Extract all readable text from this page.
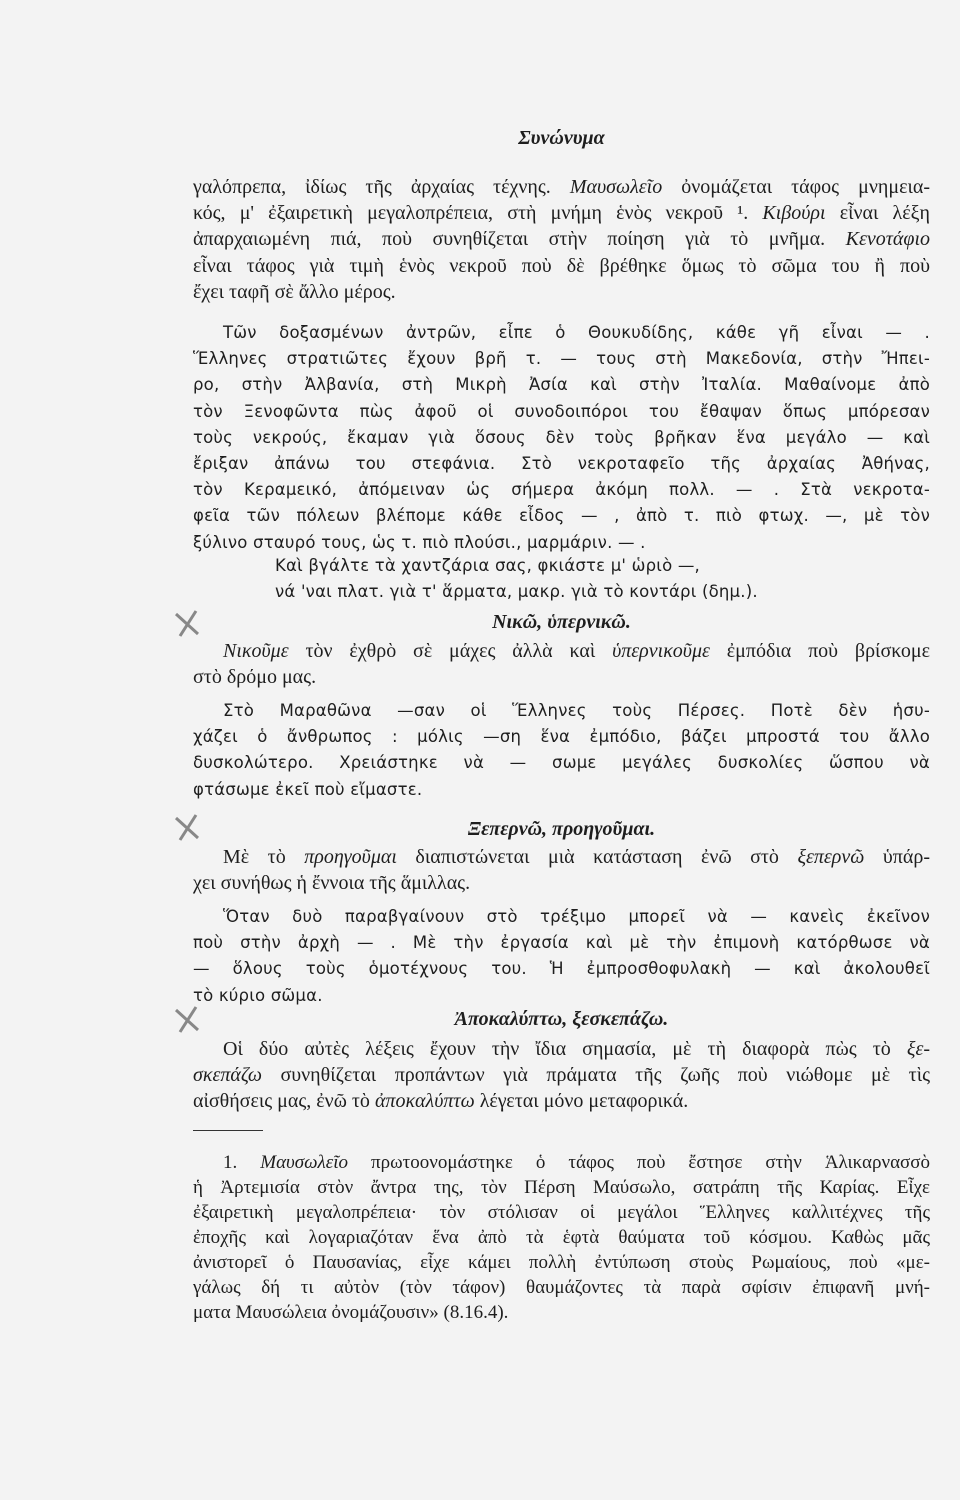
Συνώνυμα
γαλόπρεπα, ἰδίως τῆς ἀρχαίας τέχνης. Μαυσωλεῖο ὀνομάζεται τάφος μνημεια-
κός, μ' ἐξαιρετικὴ μεγαλοπρέπεια, στὴ μνήμη ἑνὸς νεκροῦ ¹. Κιβούρι εἶναι λέξη
ἀπαρχαιωμένη πιά, ποὺ συνηθίζεται στὴν ποίηση γιὰ τὸ μνῆμα. Κενοτάφιο
εἶναι τάφος γιὰ τιμὴ ἑνὸς νεκροῦ ποὺ δὲ βρέθηκε ὅμως τὸ σῶμα του ἢ ποὺ
ἔχει ταφῆ σὲ ἄλλο μέρος.
Τῶν δοξασμένων ἀντρῶν, εἶπε ὁ Θουκυδίδης, κάθε γῆ εἶναι — .
Ἕλληνες στρατιῶτες ἔχουν βρῆ τ. — τους στὴ Μακεδονία, στὴν Ἤπει-
ρο, στὴν Ἀλβανία, στὴ Μικρὴ Ἀσία καὶ στὴν Ἰταλία. Μαθαίνομε ἀπὸ
τὸν Ξενοφῶντα πὼς ἀφοῦ οἱ συνοδοιπόροι του ἔθαψαν ὅπως μπόρεσαν
τοὺς νεκρούς, ἔκαμαν γιὰ ὅσους δὲν τοὺς βρῆκαν ἕνα μεγάλο — καὶ
ἔριξαν ἀπάνω του στεφάνια. Στὸ νεκροταφεῖο τῆς ἀρχαίας Ἀθήνας,
τὸν Κεραμεικό, ἀπόμειναν ὡς σήμερα ἀκόμη πολλ. — . Στὰ νεκροτα-
φεῖα τῶν πόλεων βλέπομε κάθε εἶδος — , ἀπὸ τ. πιὸ φτωχ. —, μὲ τὸν
ξύλινο σταυρό τους, ὡς τ. πιὸ πλούσι., μαρμάριν. — .
Καὶ βγάλτε τὰ χαντζάρια σας, φκιάστε μ' ὡριὸ —,
νά 'ναι πλατ. γιὰ τ' ἅρματα, μακρ. γιὰ τὸ κοντάρι (δημ.).
Νικῶ, ὑπερνικῶ.
Νικοῦμε τὸν ἐχθρὸ σὲ μάχες ἀλλὰ καὶ ὑπερνικοῦμε ἐμπόδια ποὺ βρίσκομε
στὸ δρόμο μας.
Στὸ Μαραθῶνα —σαν οἱ Ἕλληνες τοὺς Πέρσες. Ποτὲ δὲν ἡσυ-
χάζει ὁ ἄνθρωπος : μόλις —ση ἕνα ἐμπόδιο, βάζει μπροστά του ἄλλο
δυσκολώτερο. Χρειάστηκε νὰ — σωμε μεγάλες δυσκολίες ὥσπου νὰ
φτάσωμε ἐκεῖ ποὺ εἴμαστε.
Ξεπερνῶ, προηγοῦμαι.
Μὲ τὸ προηγοῦμαι διαπιστώνεται μιὰ κατάσταση ἐνῶ στὸ ξεπερνῶ ὑπάρ-
χει συνήθως ἡ ἔννοια τῆς ἅμιλλας.
Ὅταν δυὸ παραβγαίνουν στὸ τρέξιμο μπορεῖ νὰ — κανεὶς ἐκεῖνον
ποὺ στὴν ἀρχὴ — . Μὲ τὴν ἐργασία καὶ μὲ τὴν ἐπιμονὴ κατόρθωσε νὰ
— ὅλους τοὺς ὁμοτέχνους του. Ἡ ἐμπροσθοφυλακὴ — καὶ ἀκολουθεῖ
τὸ κύριο σῶμα.
Ἀποκαλύπτω, ξεσκεπάζω.
Οἱ δύο αὐτὲς λέξεις ἔχουν τὴν ἴδια σημασία, μὲ τὴ διαφορὰ πὼς τὸ ξε-
σκεπάζω συνηθίζεται προπάντων γιὰ πράματα τῆς ζωῆς ποὺ νιώθομε μὲ τὶς
αἰσθήσεις μας, ἐνῶ τὸ ἀποκαλύπτω λέγεται μόνο μεταφορικά.
1. Μαυσωλεῖο πρωτοονομάστηκε ὁ τάφος ποὺ ἔστησε στὴν Ἁλικαρνασσὸ
ἡ Ἀρτεμισία στὸν ἄντρα της, τὸν Πέρση Μαύσωλο, σατράπη τῆς Καρίας. Εἶχε
ἐξαιρετικὴ μεγαλοπρέπεια· τὸν στόλισαν οἱ μεγάλοι Ἕλληνες καλλιτέχνες τῆς
ἐποχῆς καὶ λογαριαζόταν ἕνα ἀπὸ τὰ ἑφτὰ θαύματα τοῦ κόσμου. Καθὼς μᾶς
ἀνιστορεῖ ὁ Παυσανίας, εἶχε κάμει πολλὴ ἐντύπωση στοὺς Ρωμαίους, ποὺ «με-
γάλως δή τι αὐτὸν (τὸν τάφον) θαυμάζοντες τὰ παρὰ σφίσιν ἐπιφανῆ μνή-
ματα Μαυσώλεια ὀνομάζουσιν» (8.16.4).
